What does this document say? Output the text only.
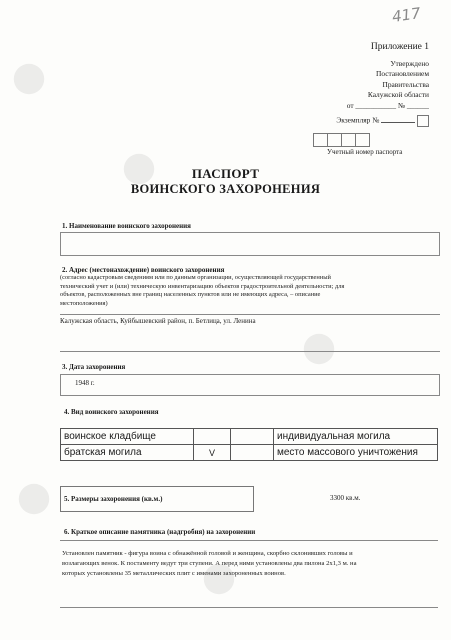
417
Приложение 1
Утверждено
Постановлением
Правительства
Калужской области
от ___________ № ______
Экземпляр №
Учетный номер паспорта
ПАСПОРТ
ВОИНСКОГО ЗАХОРОНЕНИЯ
1. Наименование воинского захоронения
2. Адрес (местонахождение) воинского захоронения
(согласно кадастровым сведениям или по данным организации, осуществляющей государственный
технический учет и (или) техническую инвентаризацию объектов градостроительной деятельности; для
объектов, расположенных вне границ населенных пунктов или не имеющих адреса, – описание
местоположения)
Калужская область, Куйбышевский район, п. Бетлица, ул. Ленина
3. Дата захоронения
1948 г.
4. Вид воинского захоронения
воинское кладбище			индивидуальная могила
братская могила	V		место массового уничтожения
5. Размеры захоронения (кв.м.)	3300 кв.м.
6. Краткое описание памятника (надгробия) на захоронении
Установлен памятник - фигура воина с обнажённой головой и женщина, скорбно склонивших головы и
возлагающих венок. К постаменту ведут три ступени. А перед ними установлены два пилона 2х1,3 м. на
которых установлены 35 металлических плит с именами захороненных воинов.
